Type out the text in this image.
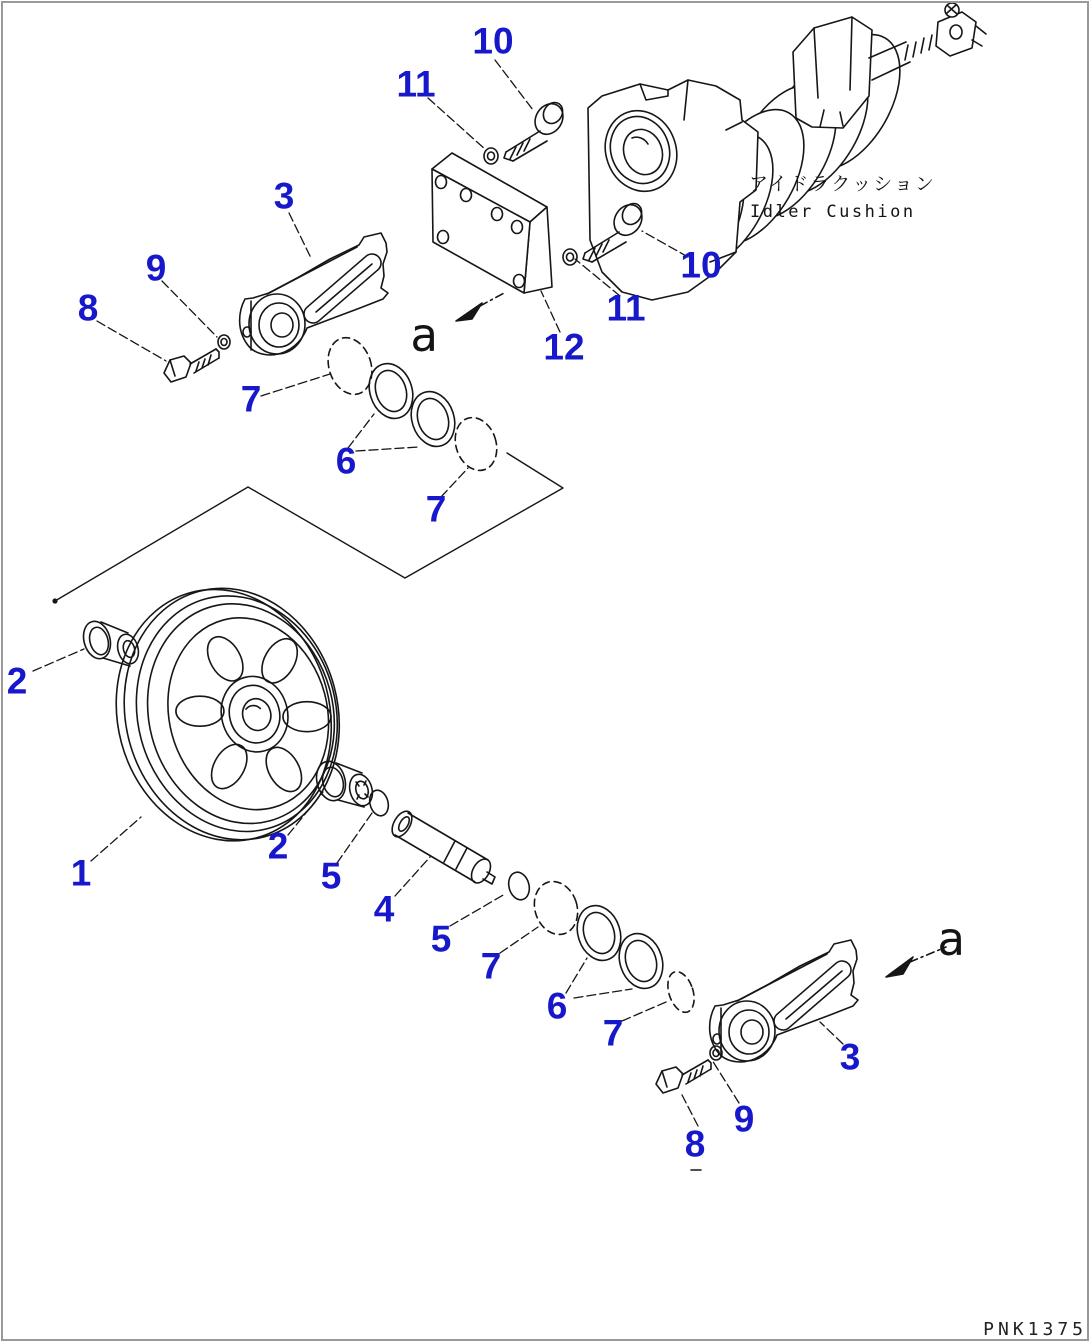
10
11
3
9
8
7
6
7
12
11
10
2
1
2
5
4
5
7
6
7
3
9
8
a
a
アイドラクッション
Idler Cushion
PNK1375
